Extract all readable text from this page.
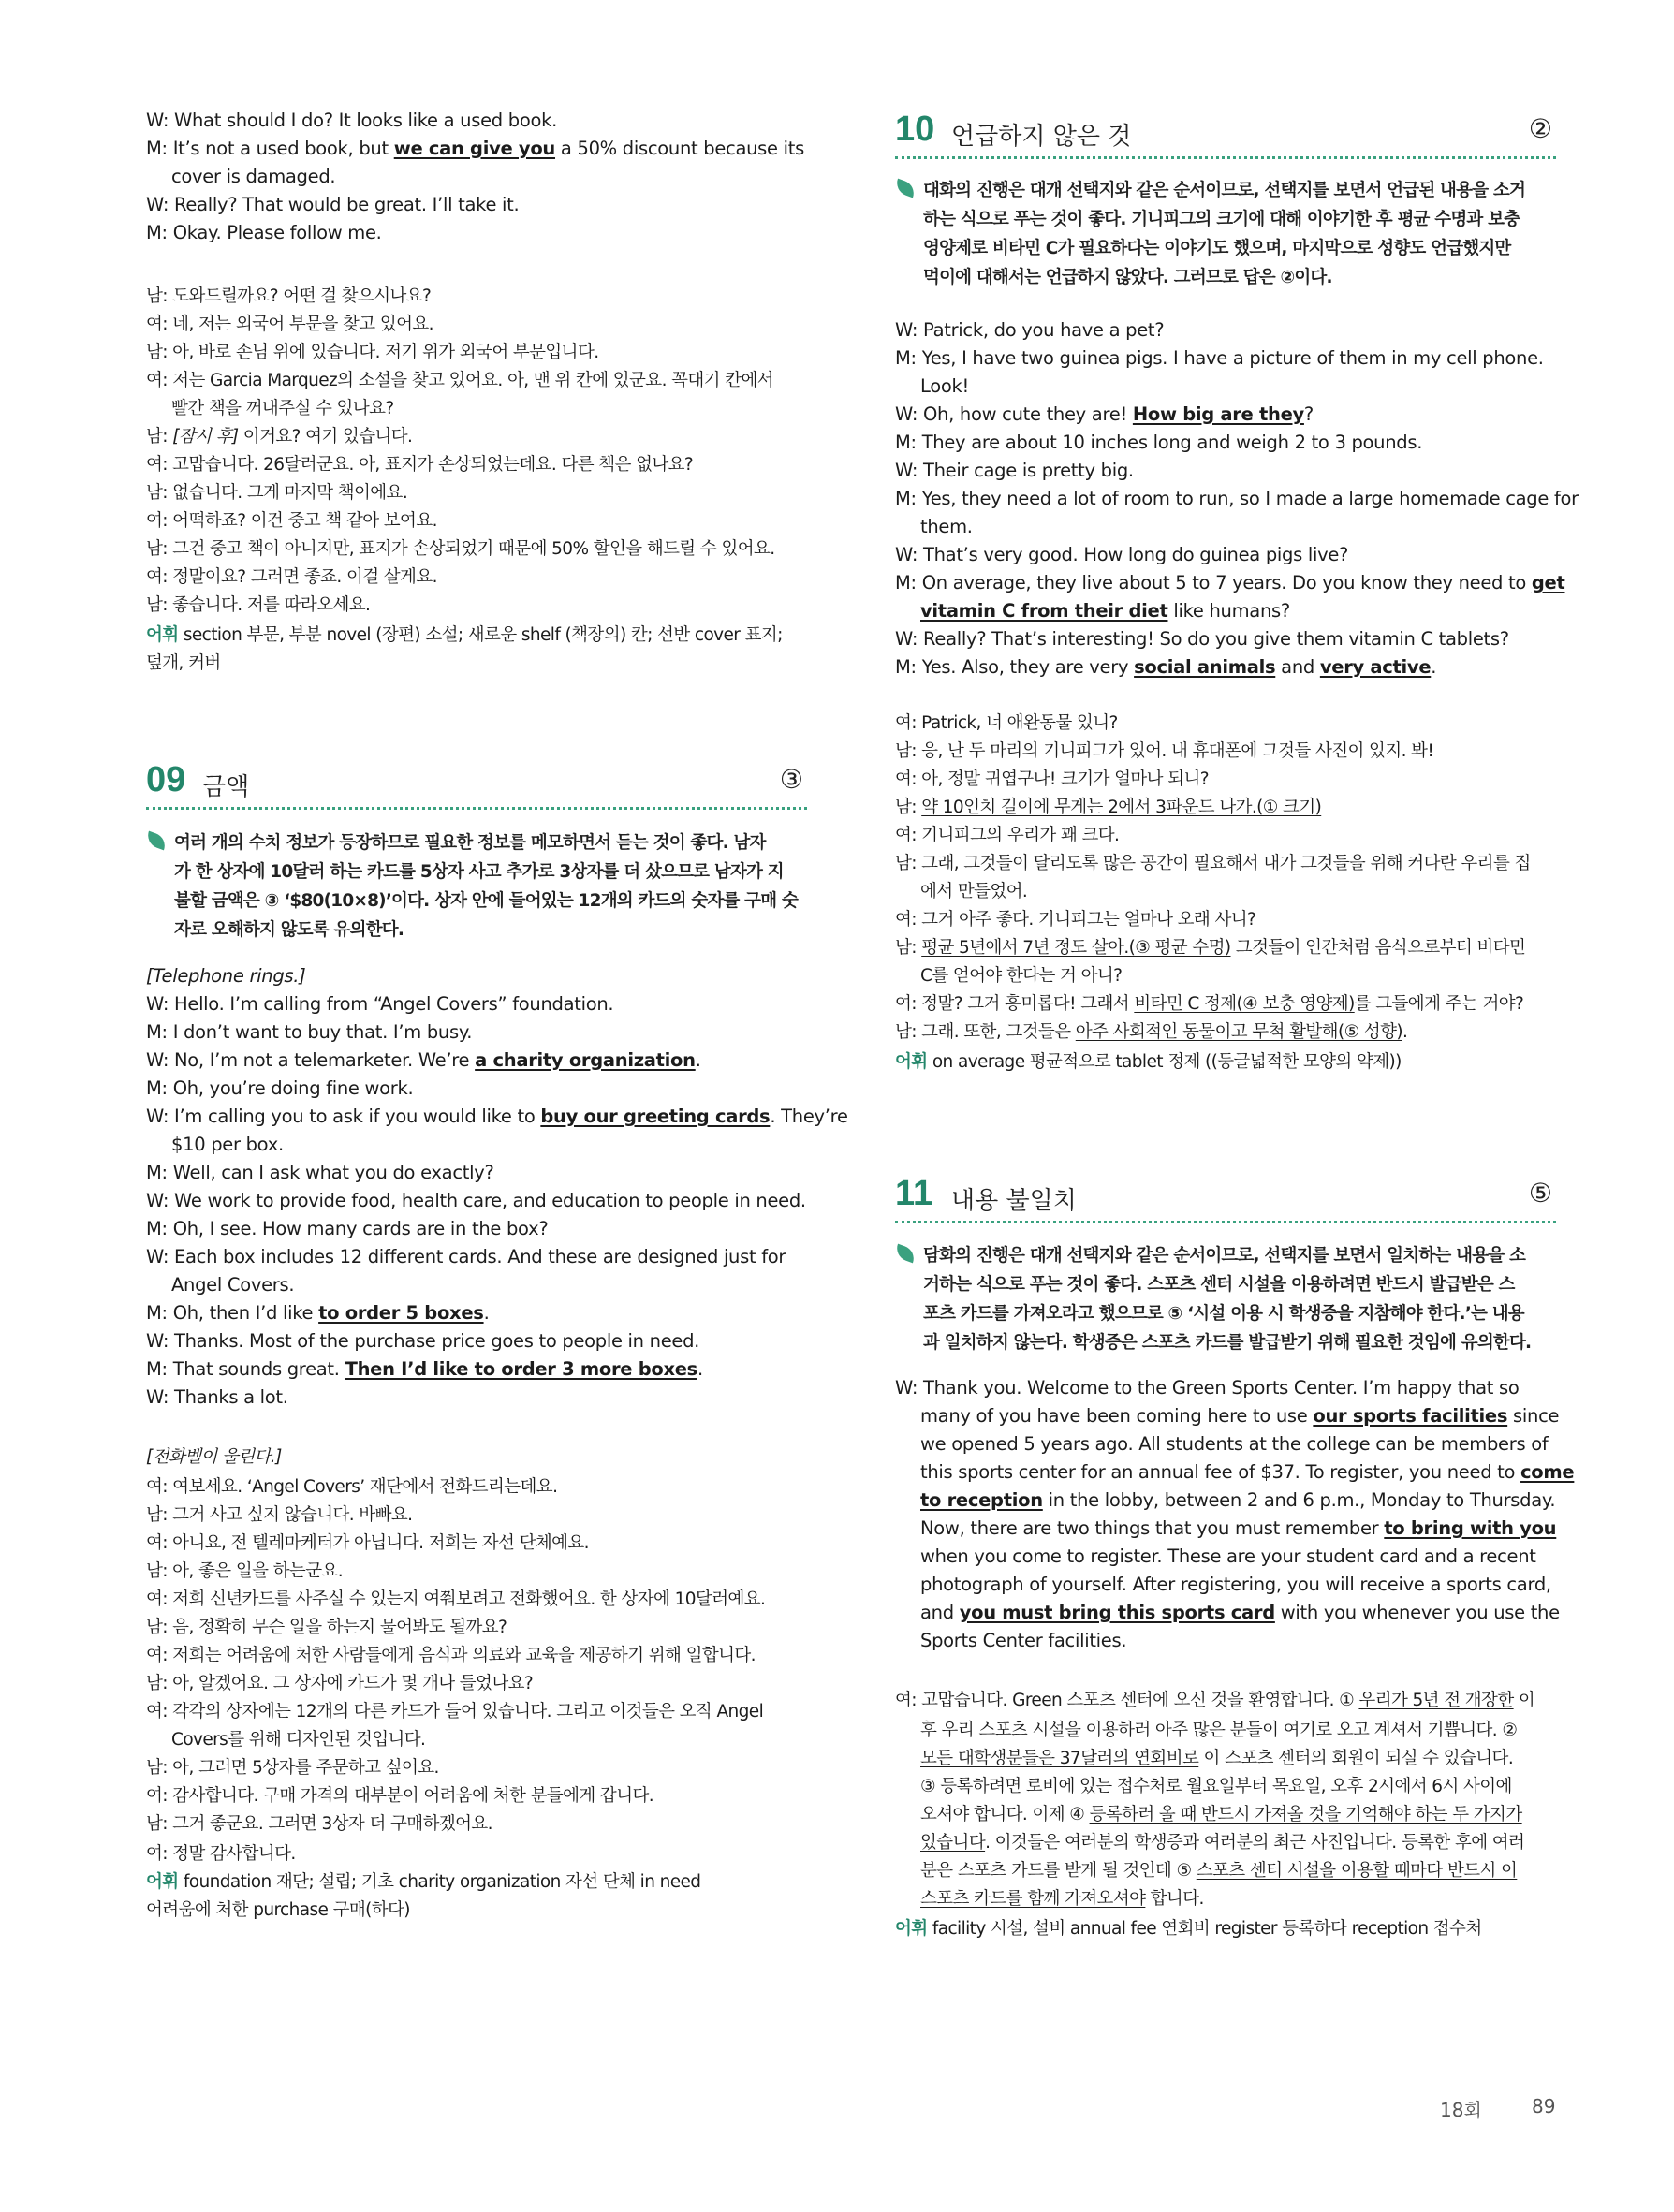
W: What should I do? It looks like a used book.
M: It’s not a used book, but we can give you a 50% discount because its
cover is damaged.
W: Really? That would be great. I’ll take it.
M: Okay. Please follow me.
남: 도와드릴까요? 어떤 걸 찾으시나요?
여: 네, 저는 외국어 부문을 찾고 있어요.
남: 아, 바로 손님 위에 있습니다. 저기 위가 외국어 부문입니다.
여: 저는 Garcia Marquez의 소설을 찾고 있어요. 아, 맨 위 칸에 있군요. 꼭대기 칸에서
빨간 책을 꺼내주실 수 있나요?
남: [잠시 후] 이거요? 여기 있습니다.
여: 고맙습니다. 26달러군요. 아, 표지가 손상되었는데요. 다른 책은 없나요?
남: 없습니다. 그게 마지막 책이에요.
여: 어떡하죠? 이건 중고 책 같아 보여요.
남: 그건 중고 책이 아니지만, 표지가 손상되었기 때문에 50% 할인을 해드릴 수 있어요.
여: 정말이요? 그러면 좋죠. 이걸 살게요.
남: 좋습니다. 저를 따라오세요.
어휘 section 부문, 부분 novel (장편) 소설; 새로운 shelf (책장의) 칸; 선반 cover 표지;
덮개, 커버
09 금액	③
여러 개의 수치 정보가 등장하므로 필요한 정보를 메모하면서 듣는 것이 좋다. 남자
가 한 상자에 10달러 하는 카드를 5상자 사고 추가로 3상자를 더 샀으므로 남자가 지
불할 금액은 ③ ‘$80(10×8)’이다. 상자 안에 들어있는 12개의 카드의 숫자를 구매 숫
자로 오해하지 않도록 유의한다.
[Telephone rings.]
W: Hello. I’m calling from “Angel Covers” foundation.
M: I don’t want to buy that. I’m busy.
W: No, I’m not a telemarketer. We’re a charity organization.
M: Oh, you’re doing fine work.
W: I’m calling you to ask if you would like to buy our greeting cards. They’re
$10 per box.
M: Well, can I ask what you do exactly?
W: We work to provide food, health care, and education to people in need.
M: Oh, I see. How many cards are in the box?
W: Each box includes 12 different cards. And these are designed just for
Angel Covers.
M: Oh, then I’d like to order 5 boxes.
W: Thanks. Most of the purchase price goes to people in need.
M: That sounds great. Then I’d like to order 3 more boxes.
W: Thanks a lot.
[전화벨이 울린다.]
여: 여보세요. ‘Angel Covers’ 재단에서 전화드리는데요.
남: 그거 사고 싶지 않습니다. 바빠요.
여: 아니요, 전 텔레마케터가 아닙니다. 저희는 자선 단체예요.
남: 아, 좋은 일을 하는군요.
여: 저희 신년카드를 사주실 수 있는지 여쭤보려고 전화했어요. 한 상자에 10달러예요.
남: 음, 정확히 무슨 일을 하는지 물어봐도 될까요?
여: 저희는 어려움에 처한 사람들에게 음식과 의료와 교육을 제공하기 위해 일합니다.
남: 아, 알겠어요. 그 상자에 카드가 몇 개나 들었나요?
여: 각각의 상자에는 12개의 다른 카드가 들어 있습니다. 그리고 이것들은 오직 Angel
Covers를 위해 디자인된 것입니다.
남: 아, 그러면 5상자를 주문하고 싶어요.
여: 감사합니다. 구매 가격의 대부분이 어려움에 처한 분들에게 갑니다.
남: 그거 좋군요. 그러면 3상자 더 구매하겠어요.
여: 정말 감사합니다.
어휘 foundation 재단; 설립; 기초 charity organization 자선 단체 in need
어려움에 처한 purchase 구매(하다)
10 언급하지 않은 것	②
대화의 진행은 대개 선택지와 같은 순서이므로, 선택지를 보면서 언급된 내용을 소거
하는 식으로 푸는 것이 좋다. 기니피그의 크기에 대해 이야기한 후 평균 수명과 보충
영양제로 비타민 C가 필요하다는 이야기도 했으며, 마지막으로 성향도 언급했지만
먹이에 대해서는 언급하지 않았다. 그러므로 답은 ②이다.
W: Patrick, do you have a pet?
M: Yes, I have two guinea pigs. I have a picture of them in my cell phone.
Look!
W: Oh, how cute they are! How big are they?
M: They are about 10 inches long and weigh 2 to 3 pounds.
W: Their cage is pretty big.
M: Yes, they need a lot of room to run, so I made a large homemade cage for
them.
W: That’s very good. How long do guinea pigs live?
M: On average, they live about 5 to 7 years. Do you know they need to get
vitamin C from their diet like humans?
W: Really? That’s interesting! So do you give them vitamin C tablets?
M: Yes. Also, they are very social animals and very active.
여: Patrick, 너 애완동물 있니?
남: 응, 난 두 마리의 기니피그가 있어. 내 휴대폰에 그것들 사진이 있지. 봐!
여: 아, 정말 귀엽구나! 크기가 얼마나 되니?
남: 약 10인치 길이에 무게는 2에서 3파운드 나가.(① 크기)
여: 기니피그의 우리가 꽤 크다.
남: 그래, 그것들이 달리도록 많은 공간이 필요해서 내가 그것들을 위해 커다란 우리를 집
에서 만들었어.
여: 그거 아주 좋다. 기니피그는 얼마나 오래 사니?
남: 평균 5년에서 7년 정도 살아.(③ 평균 수명) 그것들이 인간처럼 음식으로부터 비타민
C를 얻어야 한다는 거 아니?
여: 정말? 그거 흥미롭다! 그래서 비타민 C 정제(④ 보충 영양제)를 그들에게 주는 거야?
남: 그래. 또한, 그것들은 아주 사회적인 동물이고 무척 활발해(⑤ 성향).
어휘 on average 평균적으로 tablet 정제 ((둥글넓적한 모양의 약제))
11 내용 불일치	⑤
담화의 진행은 대개 선택지와 같은 순서이므로, 선택지를 보면서 일치하는 내용을 소
거하는 식으로 푸는 것이 좋다. 스포츠 센터 시설을 이용하려면 반드시 발급받은 스
포츠 카드를 가져오라고 했으므로 ⑤ ‘시설 이용 시 학생증을 지참해야 한다.’는 내용
과 일치하지 않는다. 학생증은 스포츠 카드를 발급받기 위해 필요한 것임에 유의한다.
W: Thank you. Welcome to the Green Sports Center. I’m happy that so
many of you have been coming here to use our sports facilities since
we opened 5 years ago. All students at the college can be members of
this sports center for an annual fee of $37. To register, you need to come
to reception in the lobby, between 2 and 6 p.m., Monday to Thursday.
Now, there are two things that you must remember to bring with you
when you come to register. These are your student card and a recent
photograph of yourself. After registering, you will receive a sports card,
and you must bring this sports card with you whenever you use the
Sports Center facilities.
여: 고맙습니다. Green 스포츠 센터에 오신 것을 환영합니다. ① 우리가 5년 전 개장한 이
후 우리 스포츠 시설을 이용하러 아주 많은 분들이 여기로 오고 계셔서 기쁩니다. ②
모든 대학생분들은 37달러의 연회비로 이 스포츠 센터의 회원이 되실 수 있습니다.
③ 등록하려면 로비에 있는 접수처로 월요일부터 목요일, 오후 2시에서 6시 사이에
오셔야 합니다. 이제 ④ 등록하러 올 때 반드시 가져올 것을 기억해야 하는 두 가지가
있습니다. 이것들은 여러분의 학생증과 여러분의 최근 사진입니다. 등록한 후에 여러
분은 스포츠 카드를 받게 될 것인데 ⑤ 스포츠 센터 시설을 이용할 때마다 반드시 이
스포츠 카드를 함께 가져오셔야 합니다.
어휘 facility 시설, 설비 annual fee 연회비 register 등록하다 reception 접수처
18회	89
